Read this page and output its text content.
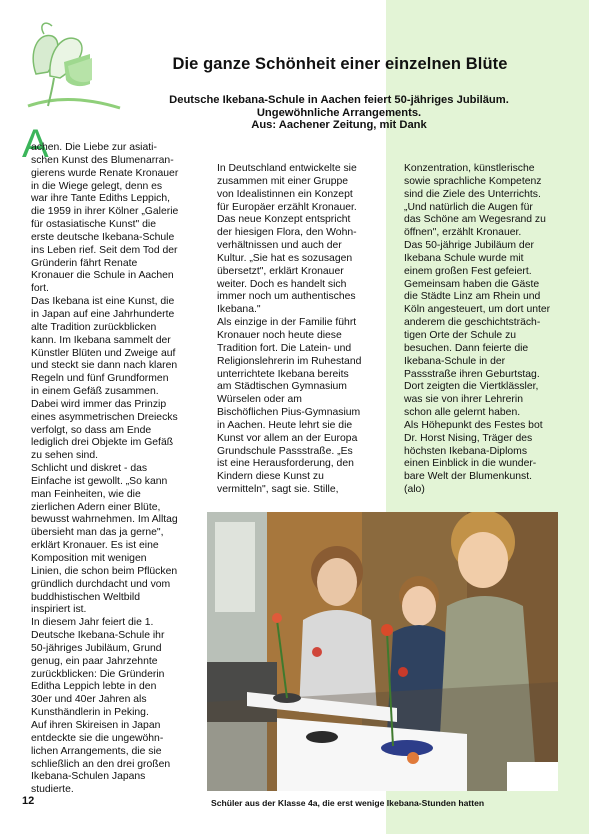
Die ganze Schönheit einer einzelnen Blüte
Deutsche Ikebana-Schule in Aachen feiert 50-jähriges Jubiläum.
Ungewöhnliche Arrangements.
Aus: Aachener Zeitung, mit Dank
A
achen. Die Liebe zur asiati-
schen Kunst des Blumenarran-
gierens wurde Renate Kronauer
in die Wiege gelegt, denn es
war ihre Tante Ediths Leppich,
die 1959 in ihrer Kölner „Galerie
für ostasiatische Kunst" die
erste deutsche Ikebana-Schule
ins Leben rief. Seit dem Tod der
Gründerin fährt Renate
Kronauer die Schule in Aachen
fort.
Das Ikebana ist eine Kunst, die
in Japan auf eine Jahrhunderte
alte Tradition zurückblicken
kann. Im Ikebana sammelt der
Künstler Blüten und Zweige auf
und steckt sie dann nach klaren
Regeln und fünf Grundformen
in einem Gefäß zusammen.
Dabei wird immer das Prinzip
eines asymmetrischen Dreiecks
verfolgt, so dass am Ende
lediglich drei Objekte im Gefäß
zu sehen sind.
Schlicht und diskret - das
Einfache ist gewollt. „So kann
man Feinheiten, wie die
zierlichen Adern einer Blüte,
bewusst wahrnehmen. Im Alltag
übersieht man das ja gerne",
erklärt Kronauer. Es ist eine
Komposition mit wenigen
Linien, die schon beim Pflücken
gründlich durchdacht und vom
buddhistischen Weltbild
inspiriert ist.
In diesem Jahr feiert die 1.
Deutsche Ikebana-Schule ihr
50-jähriges Jubiläum, Grund
genug, ein paar Jahrzehnte
zurückblicken: Die Gründerin
Editha Leppich lebte in den
30er und 40er Jahren als
Kunsthändlerin in Peking.
Auf ihren Skireisen in Japan
entdeckte sie die ungewöhn-
lichen Arrangements, die sie
schließlich an den drei großen
Ikebana-Schulen Japans
studierte.
In Deutschland entwickelte sie
zusammen mit einer Gruppe
von Idealistinnen ein Konzept
für Europäer erzählt Kronauer.
Das neue Konzept entspricht
der hiesigen Flora, den Wohn-
verhältnissen und auch der
Kultur. „Sie hat es sozusagen
übersetzt", erklärt Kronauer
weiter. Doch es handelt sich
immer noch um authentisches
Ikebana."
Als einzige in der Familie führt
Kronauer noch heute diese
Tradition fort. Die Latein- und
Religionslehrerin im Ruhestand
unterrichtete Ikebana bereits
am Städtischen Gymnasium
Würselen oder am
Bischöflichen Pius-Gymnasium
in Aachen. Heute lehrt sie die
Kunst vor allem an der Europa
Grundschule Passstraße. „Es
ist eine Herausforderung, den
Kindern diese Kunst zu
vermitteln", sagt sie. Stille,
Konzentration, künstlerische
sowie sprachliche Kompetenz
sind die Ziele des Unterrichts.
„Und natürlich die Augen für
das Schöne am Wegesrand zu
öffnen", erzählt Kronauer.
Das 50-jährige Jubiläum der
Ikebana Schule wurde mit
einem großen Fest gefeiert.
Gemeinsam haben die Gäste
die Städte Linz am Rhein und
Köln angesteuert, um dort unter
anderem die geschichtsträch-
tigen Orte der Schule zu
besuchen. Dann feierte die
Ikebana-Schule in der
Passstraße ihren Geburtstag.
Dort zeigten die Viertklässler,
was sie von ihrer Lehrerin
schon alle gelernt haben.
Als Höhepunkt des Festes bot
Dr. Horst Nising, Träger des
höchsten Ikebana-Diploms
einen Einblick in die wunder-
bare Welt der Blumenkunst.
(alo)
Schüler aus der Klasse 4a, die erst wenige Ikebana-Stunden hatten
12
